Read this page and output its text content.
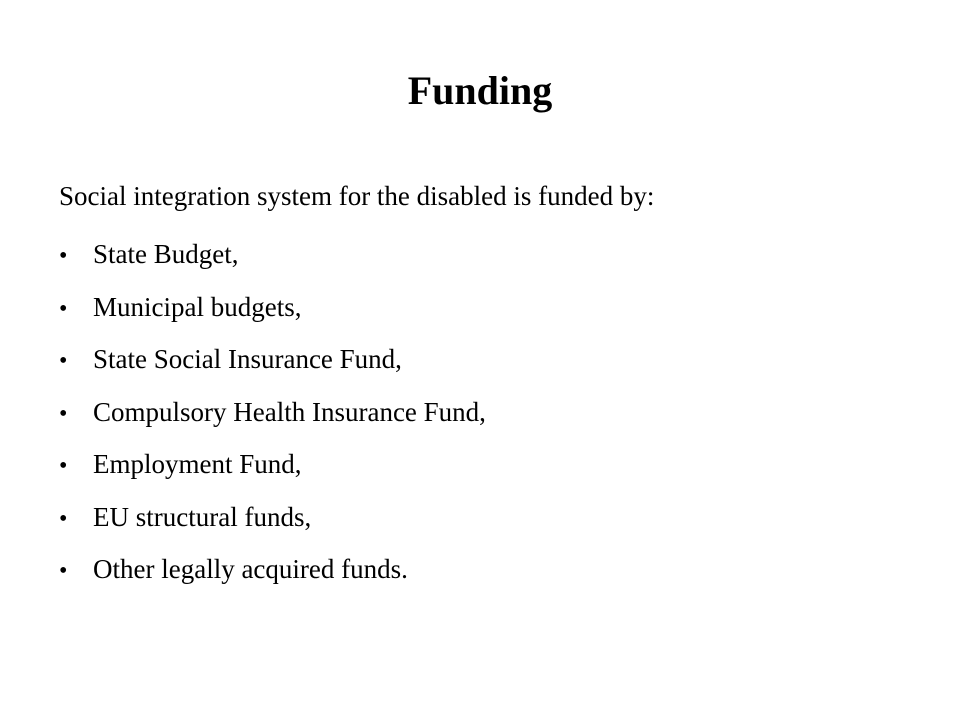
Funding
Social integration system for the disabled is funded by:
• State Budget,
• Municipal budgets,
• State Social Insurance Fund,
• Compulsory Health Insurance Fund,
• Employment Fund,
• EU structural funds,
• Other legally acquired funds.
